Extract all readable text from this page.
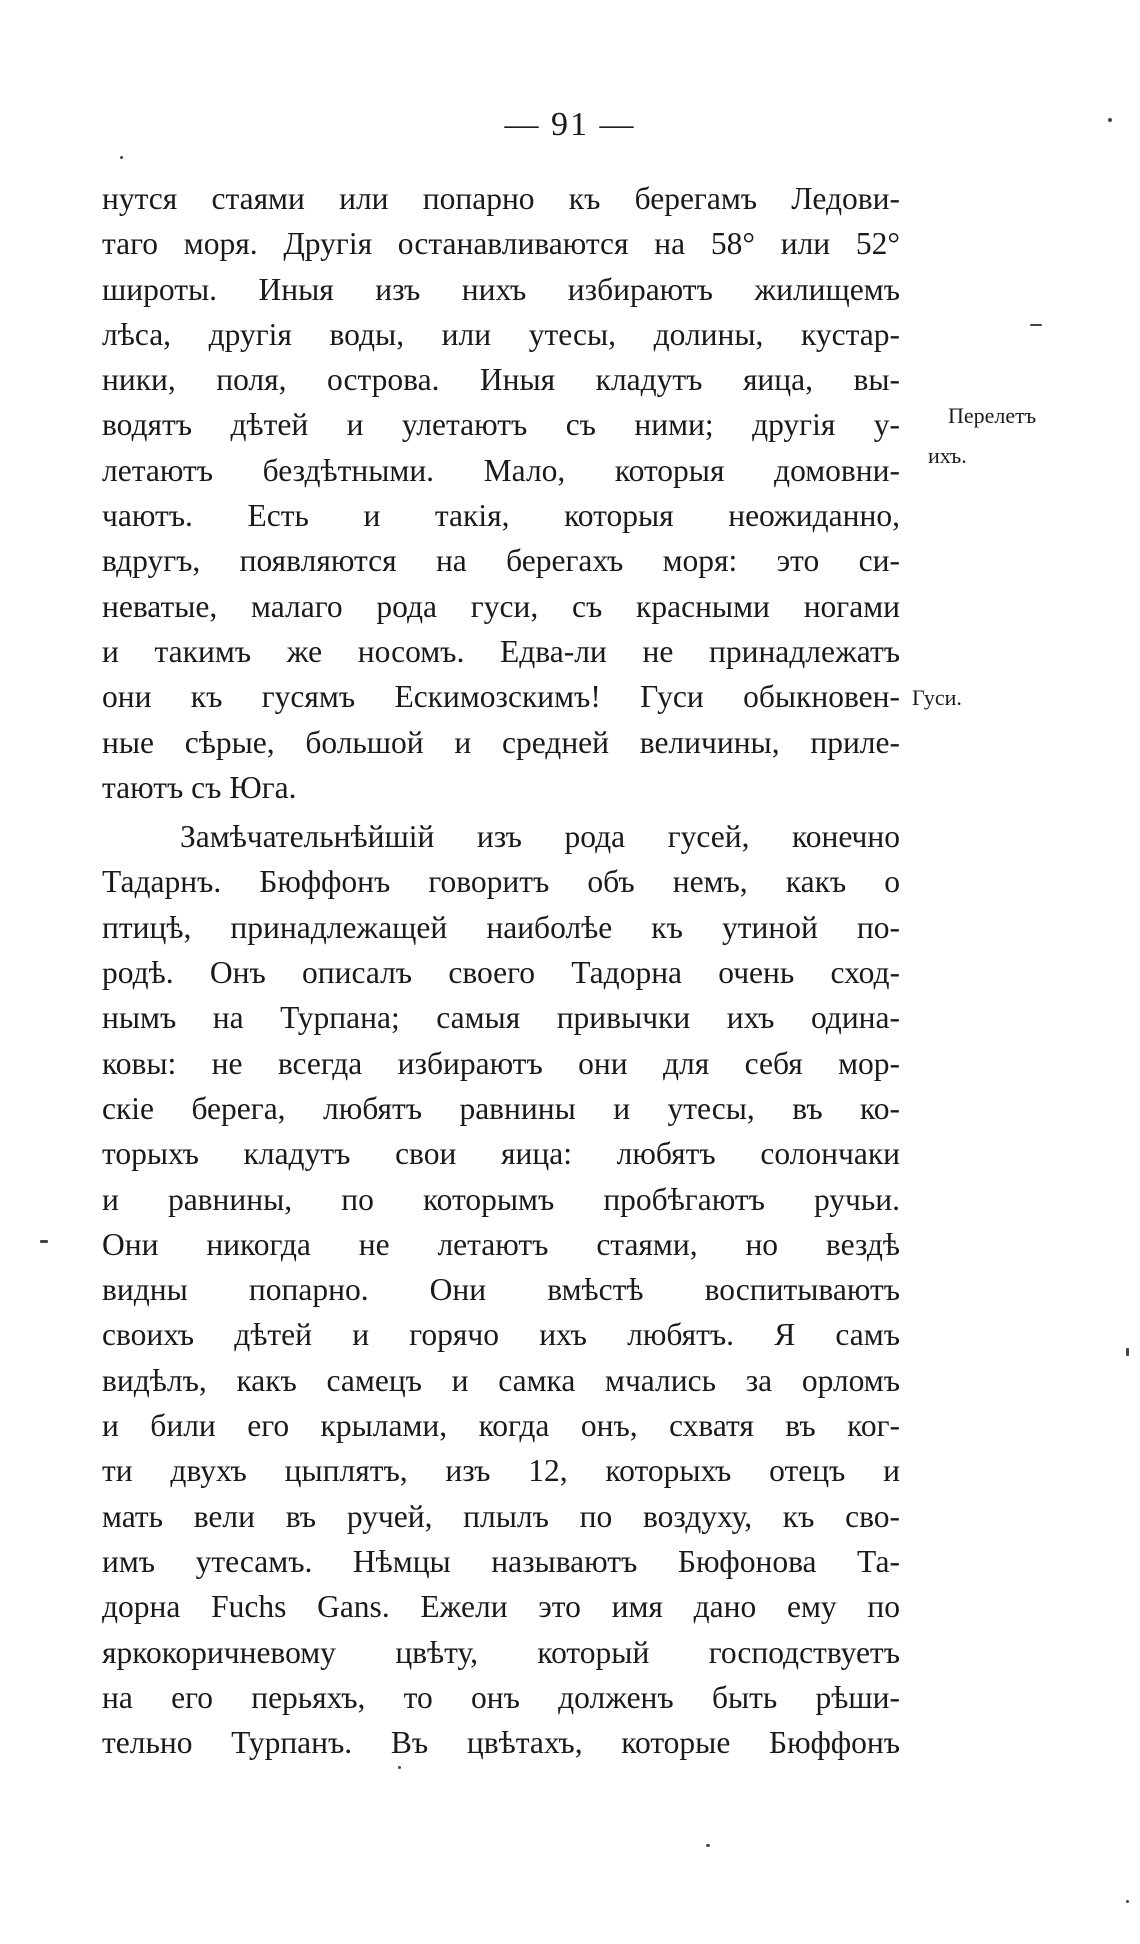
— 91 —
нутся стаями или попарно къ берегамъ Ледови-
таго моря. Другія останавливаются на 58° или 52°
широты. Иныя изъ нихъ избираютъ жилищемъ
лѣса, другія воды, или утесы, долины, кустар-
ники, поля, острова. Иныя кладутъ яица, вы-
водятъ дѣтей и улетаютъ съ ними; другія у-
летаютъ бездѣтными. Мало, которыя домовни-
чаютъ. Есть и такія, которыя неожиданно,
вдругъ, появляются на берегахъ моря: это си-
неватые, малаго рода гуси, съ красными ногами
и такимъ же носомъ. Едва-ли не принадлежатъ
они къ гусямъ Ескимозскимъ! Гуси обыкновен-
ные сѣрые, большой и средней величины, приле-
таютъ съ Юга.
Замѣчательнѣйшій изъ рода гусей, конечно
Тадарнъ. Бюффонъ говоритъ объ немъ, какъ о
птицѣ, принадлежащей наиболѣе къ утиной по-
родѣ. Онъ описалъ своего Тадорна очень сход-
нымъ на Турпана; самыя привычки ихъ одина-
ковы: не всегда избираютъ они для себя мор-
скіе берега, любятъ равнины и утесы, въ ко-
торыхъ кладутъ свои яица: любятъ солончаки
и равнины, по которымъ пробѣгаютъ ручьи.
Они никогда не летаютъ стаями, но вездѣ
видны попарно. Они вмѣстѣ воспитываютъ
своихъ дѣтей и горячо ихъ любятъ. Я самъ
видѣлъ, какъ самецъ и самка мчались за орломъ
и били его крылами, когда онъ, схватя въ ког-
ти двухъ цыплятъ, изъ 12, которыхъ отецъ и
мать вели въ ручей, плылъ по воздуху, къ сво-
имъ утесамъ. Нѣмцы называютъ Бюфонова Та-
дорна Fuchs Gans. Ежели это имя дано ему по
яркокоричневому цвѣту, который господствуетъ
на его перьяхъ, то онъ долженъ быть рѣши-
тельно Турпанъ. Въ цвѣтахъ, которые Бюффонъ
Перелетъ
ихъ.
Гуси.
